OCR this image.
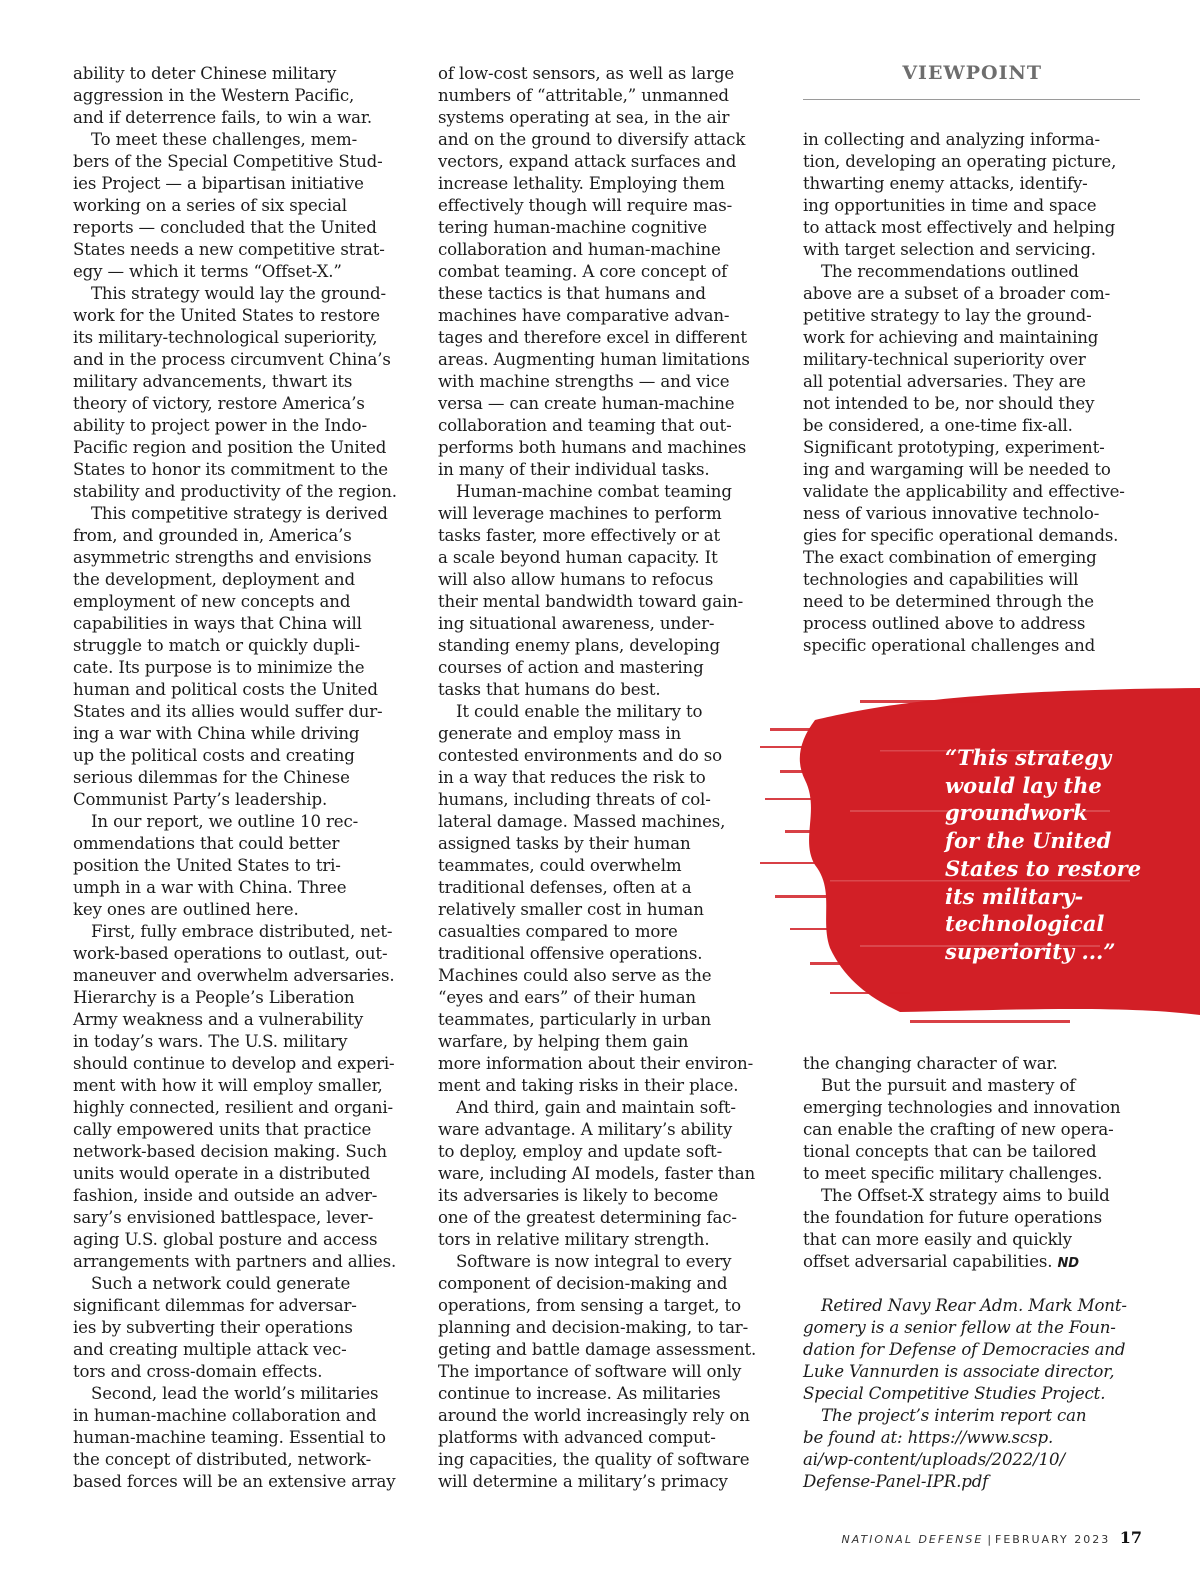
VIEWPOINT
ability to deter Chinese military
aggression in the Western Pacific,
and if deterrence fails, to win a war.
To meet these challenges, mem-
bers of the Special Competitive Stud-
ies Project — a bipartisan initiative
working on a series of six special
reports — concluded that the United
States needs a new competitive strat-
egy — which it terms “Offset-X.”
This strategy would lay the ground-
work for the United States to restore
its military-technological superiority,
and in the process circumvent China’s
military advancements, thwart its
theory of victory, restore America’s
ability to project power in the Indo-
Pacific region and position the United
States to honor its commitment to the
stability and productivity of the region.
This competitive strategy is derived
from, and grounded in, America’s
asymmetric strengths and envisions
the development, deployment and
employment of new concepts and
capabilities in ways that China will
struggle to match or quickly dupli-
cate. Its purpose is to minimize the
human and political costs the United
States and its allies would suffer dur-
ing a war with China while driving
up the political costs and creating
serious dilemmas for the Chinese
Communist Party’s leadership.
In our report, we outline 10 rec-
ommendations that could better
position the United States to tri-
umph in a war with China. Three
key ones are outlined here.
First, fully embrace distributed, net-
work-based operations to outlast, out-
maneuver and overwhelm adversaries.
Hierarchy is a People’s Liberation
Army weakness and a vulnerability
in today’s wars. The U.S. military
should continue to develop and experi-
ment with how it will employ smaller,
highly connected, resilient and organi-
cally empowered units that practice
network-based decision making. Such
units would operate in a distributed
fashion, inside and outside an adver-
sary’s envisioned battlespace, lever-
aging U.S. global posture and access
arrangements with partners and allies.
Such a network could generate
significant dilemmas for adversar-
ies by subverting their operations
and creating multiple attack vec-
tors and cross-domain effects.
Second, lead the world’s militaries
in human-machine collaboration and
human-machine teaming. Essential to
the concept of distributed, network-
based forces will be an extensive array
of low-cost sensors, as well as large
numbers of “attritable,” unmanned
systems operating at sea, in the air
and on the ground to diversify attack
vectors, expand attack surfaces and
increase lethality. Employing them
effectively though will require mas-
tering human-machine cognitive
collaboration and human-machine
combat teaming. A core concept of
these tactics is that humans and
machines have comparative advan-
tages and therefore excel in different
areas. Augmenting human limitations
with machine strengths — and vice
versa — can create human-machine
collaboration and teaming that out-
performs both humans and machines
in many of their individual tasks.
Human-machine combat teaming
will leverage machines to perform
tasks faster, more effectively or at
a scale beyond human capacity. It
will also allow humans to refocus
their mental bandwidth toward gain-
ing situational awareness, under-
standing enemy plans, developing
courses of action and mastering
tasks that humans do best.
It could enable the military to
generate and employ mass in
contested environments and do so
in a way that reduces the risk to
humans, including threats of col-
lateral damage. Massed machines,
assigned tasks by their human
teammates, could overwhelm
traditional defenses, often at a
relatively smaller cost in human
casualties compared to more
traditional offensive operations.
Machines could also serve as the
“eyes and ears” of their human
teammates, particularly in urban
warfare, by helping them gain
more information about their environ-
ment and taking risks in their place.
And third, gain and maintain soft-
ware advantage. A military’s ability
to deploy, employ and update soft-
ware, including AI models, faster than
its adversaries is likely to become
one of the greatest determining fac-
tors in relative military strength.
Software is now integral to every
component of decision-making and
operations, from sensing a target, to
planning and decision-making, to tar-
geting and battle damage assessment.
The importance of software will only
continue to increase. As militaries
around the world increasingly rely on
platforms with advanced comput-
ing capacities, the quality of software
will determine a military’s primacy
in collecting and analyzing informa-
tion, developing an operating picture,
thwarting enemy attacks, identify-
ing opportunities in time and space
to attack most effectively and helping
with target selection and servicing.
The recommendations outlined
above are a subset of a broader com-
petitive strategy to lay the ground-
work for achieving and maintaining
military-technical superiority over
all potential adversaries. They are
not intended to be, nor should they
be considered, a one-time fix-all.
Significant prototyping, experiment-
ing and wargaming will be needed to
validate the applicability and effective-
ness of various innovative technolo-
gies for specific operational demands.
The exact combination of emerging
technologies and capabilities will
need to be determined through the
process outlined above to address
specific operational challenges and
“This strategy
would lay the
groundwork
for the United
States to restore
its military-
technological
superiority ...”
the changing character of war.
But the pursuit and mastery of
emerging technologies and innovation
can enable the crafting of new opera-
tional concepts that can be tailored
to meet specific military challenges.
The Offset-X strategy aims to build
the foundation for future operations
that can more easily and quickly
offset adversarial capabilities. ND
Retired Navy Rear Adm. Mark Mont-
gomery is a senior fellow at the Foun-
dation for Defense of Democracies and
Luke Vannurden is associate director,
Special Competitive Studies Project.
The project’s interim report can
be found at: https://www.scsp.
ai/wp-content/uploads/2022/10/
Defense-Panel-IPR.pdf
NATIONAL DEFENSE | FEBRUARY 2023 17
